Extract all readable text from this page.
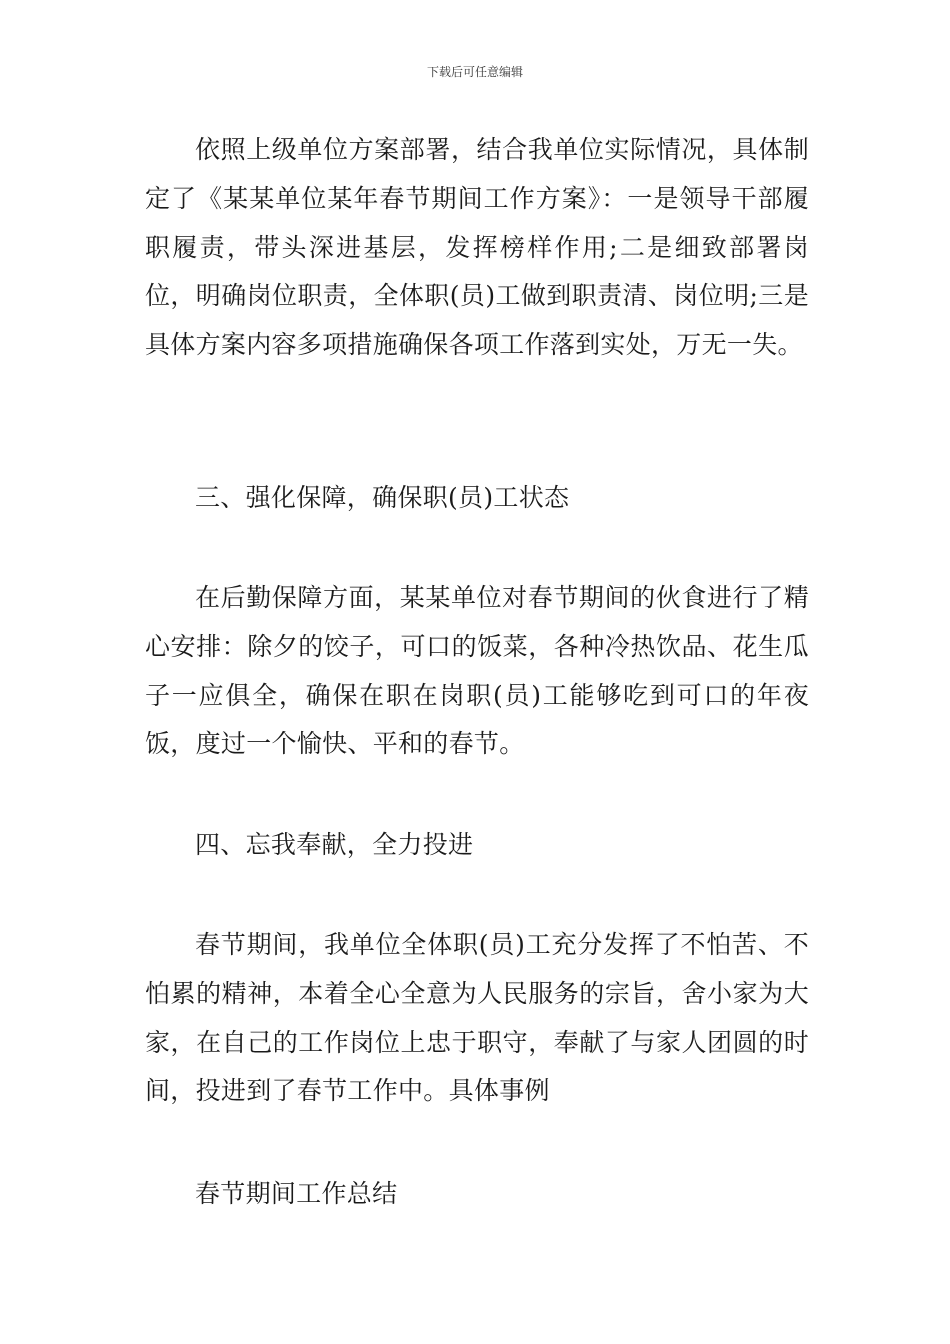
下载后可任意编辑

依照上级单位方案部署，结合我单位实际情况，具体制定了《某某单位某年春节期间工作方案》：一是领导干部履职履责，带头深进基层，发挥榜样作用;二是细致部署岗位，明确岗位职责，全体职(员)工做到职责清、岗位明;三是具体方案内容多项措施确保各项工作落到实处，万无一失。

三、强化保障，确保职(员)工状态

在后勤保障方面，某某单位对春节期间的伙食进行了精心安排：除夕的饺子，可口的饭菜，各种冷热饮品、花生瓜子一应俱全，确保在职在岗职(员)工能够吃到可口的年夜饭，度过一个愉快、平和的春节。

四、忘我奉献，全力投进

春节期间，我单位全体职(员)工充分发挥了不怕苦、不怕累的精神，本着全心全意为人民服务的宗旨，舍小家为大家，在自己的工作岗位上忠于职守，奉献了与家人团圆的时间，投进到了春节工作中。具体事例

春节期间工作总结
